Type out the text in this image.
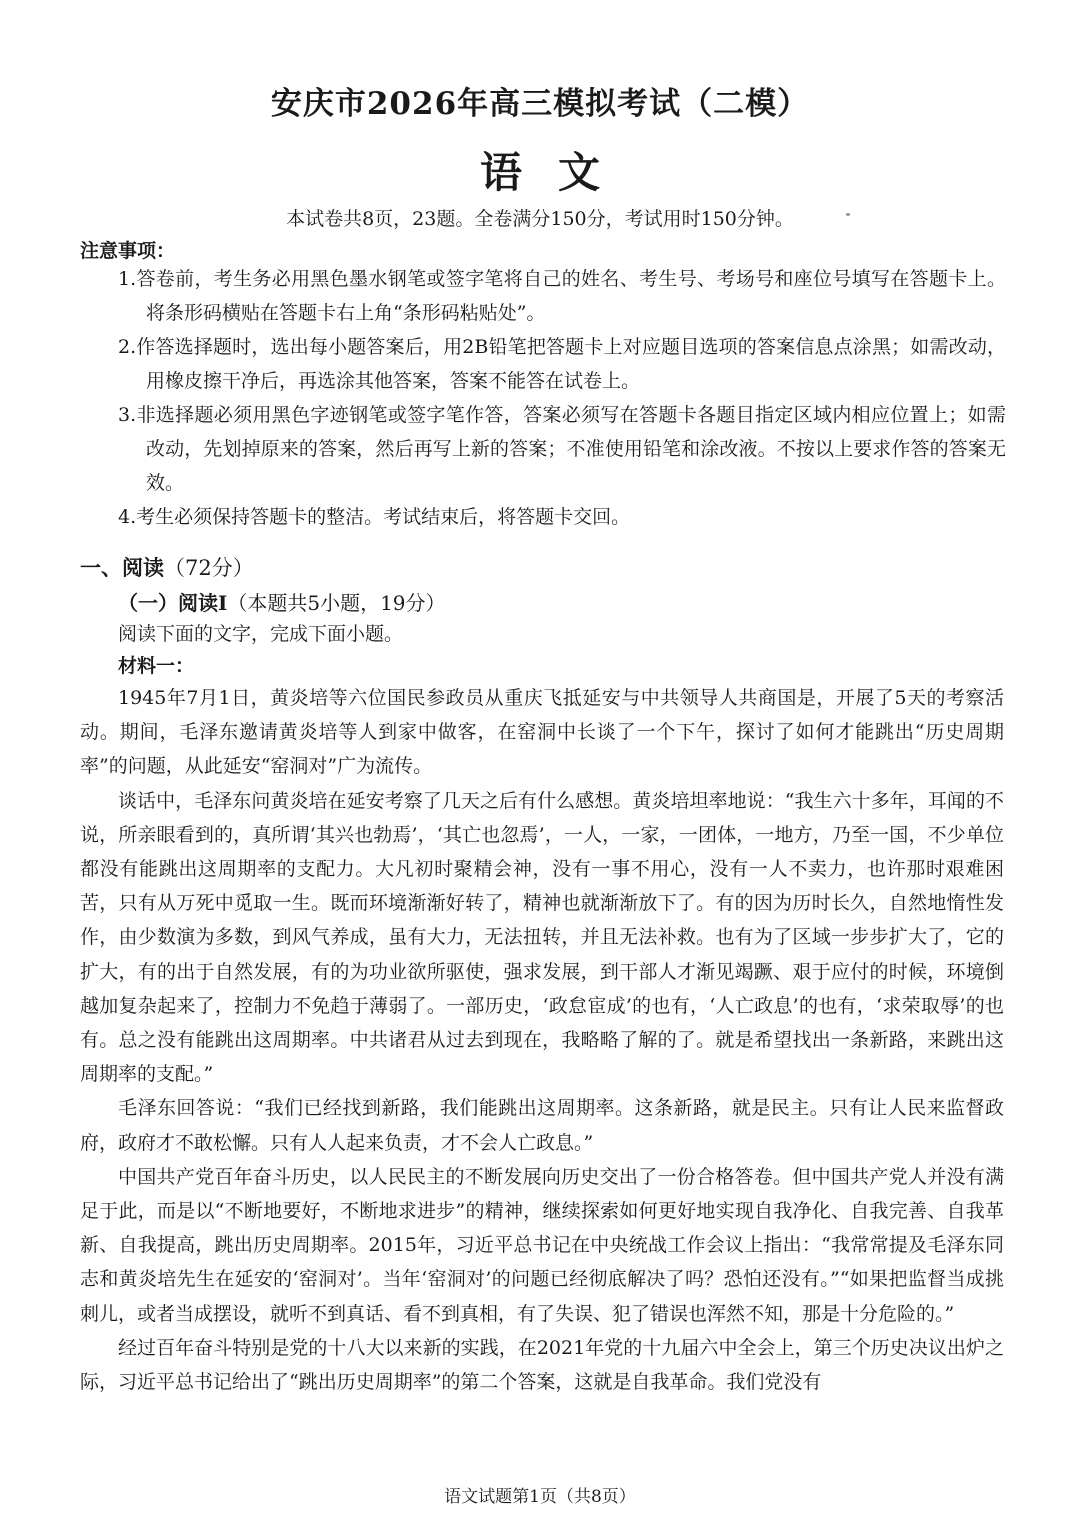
安庆市2026年高三模拟考试（二模）
语文
本试卷共8页，23题。全卷满分150分，考试用时150分钟。
注意事项：
1.答卷前，考生务必用黑色墨水钢笔或签字笔将自己的姓名、考生号、考场号和座位号填写在答题卡上。将条形码横贴在答题卡右上角“条形码粘贴处”。
2.作答选择题时，选出每小题答案后，用2B铅笔把答题卡上对应题目选项的答案信息点涂黑；如需改动，用橡皮擦干净后，再选涂其他答案，答案不能答在试卷上。
3.非选择题必须用黑色字迹钢笔或签字笔作答，答案必须写在答题卡各题目指定区域内相应位置上；如需改动，先划掉原来的答案，然后再写上新的答案；不准使用铅笔和涂改液。不按以上要求作答的答案无效。
4.考生必须保持答题卡的整洁。考试结束后，将答题卡交回。
一、阅读（72分）
（一）阅读Ⅰ（本题共5小题，19分）
阅读下面的文字，完成下面小题。
材料一：

1945年7月1日，黄炎培等六位国民参政员从重庆飞抵延安与中共领导人共商国是，开展了5天的考察活动。期间，毛泽东邀请黄炎培等人到家中做客，在窑洞中长谈了一个下午，探讨了如何才能跳出“历史周期率”的问题，从此延安“窑洞对”广为流传。

谈话中，毛泽东问黄炎培在延安考察了几天之后有什么感想。黄炎培坦率地说：“我生六十多年，耳闻的不说，所亲眼看到的，真所谓‘其兴也勃焉’，‘其亡也忽焉’，一人，一家，一团体，一地方，乃至一国，不少单位都没有能跳出这周期率的支配力。大凡初时聚精会神，没有一事不用心，没有一人不卖力，也许那时艰难困苦，只有从万死中觅取一生。既而环境渐渐好转了，精神也就渐渐放下了。有的因为历时长久，自然地惰性发作，由少数演为多数，到风气养成，虽有大力，无法扭转，并且无法补救。也有为了区域一步步扩大了，它的扩大，有的出于自然发展，有的为功业欲所驱使，强求发展，到干部人才渐见竭蹶、艰于应付的时候，环境倒越加复杂起来了，控制力不免趋于薄弱了。一部历史，‘政怠宦成’的也有，‘人亡政息’的也有，‘求荣取辱’的也有。总之没有能跳出这周期率。中共诸君从过去到现在，我略略了解的了。就是希望找出一条新路，来跳出这周期率的支配。”

毛泽东回答说：“我们已经找到新路，我们能跳出这周期率。这条新路，就是民主。只有让人民来监督政府，政府才不敢松懈。只有人人起来负责，才不会人亡政息。”

中国共产党百年奋斗历史，以人民民主的不断发展向历史交出了一份合格答卷。但中国共产党人并没有满足于此，而是以“不断地要好，不断地求进步”的精神，继续探索如何更好地实现自我净化、自我完善、自我革新、自我提高，跳出历史周期率。2015年，习近平总书记在中央统战工作会议上指出：“我常常提及毛泽东同志和黄炎培先生在延安的‘窑洞对’。当年‘窑洞对’的问题已经彻底解决了吗？恐怕还没有。”“如果把监督当成挑刺儿，或者当成摆设，就听不到真话、看不到真相，有了失误、犯了错误也浑然不知，那是十分危险的。”

经过百年奋斗特别是党的十八大以来新的实践，在2021年党的十九届六中全会上，第三个历史决议出炉之际，习近平总书记给出了“跳出历史周期率”的第二个答案，这就是自我革命。我们党没有

语文试题第1页（共8页）
